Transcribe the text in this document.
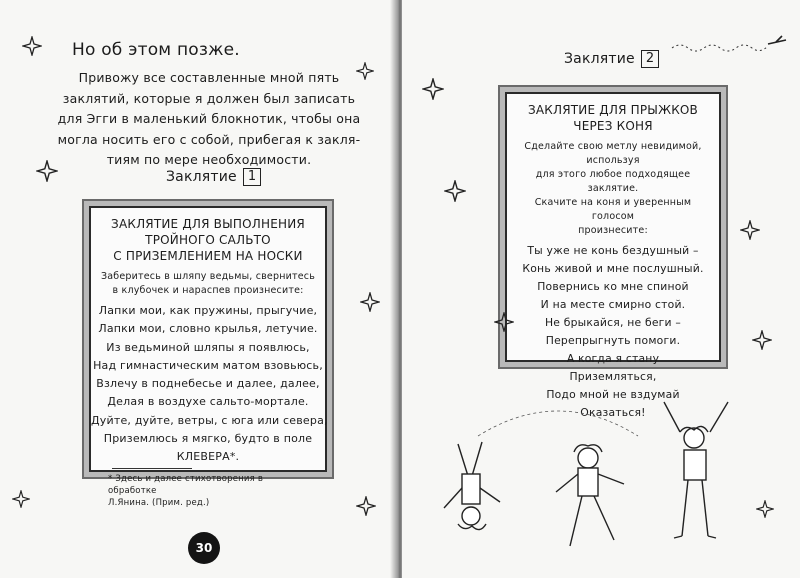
Но об этом позже.
Привожу все составленные мной пять
заклятий, которые я должен был записать
для Эгги в маленький блокнотик, чтобы она
могла носить его с собой, прибегая к закля-
тиям по мере необходимости.
Заклятие 1
ЗАКЛЯТИЕ ДЛЯ ВЫПОЛНЕНИЯ
ТРОЙНОГО САЛЬТО
С ПРИЗЕМЛЕНИЕМ НА НОСКИ
Заберитесь в шляпу ведьмы, свернитесь
в клубочек и нараспев произнесите:
Лапки мои, как пружины, прыгучие,
Лапки мои, словно крылья, летучие.
Из ведьминой шляпы я появлюсь,
Над гимнастическим матом взовьюсь,
Взлечу в поднебесье и далее, далее,
Делая в воздухе сальто-мортале.
Дуйте, дуйте, ветры, с юга или севера,
Приземлюсь я мягко, будто в поле
КЛЕВЕРА*.
* Здесь и далее стихотворения в обработке
Л.Янина. (Прим. ред.)
30
Заклятие 2
ЗАКЛЯТИЕ ДЛЯ ПРЫЖКОВ
ЧЕРЕЗ КОНЯ
Сделайте свою метлу невидимой, используя
для этого любое подходящее заклятие.
Скачите на коня и уверенным голосом
произнесите:
Ты уже не конь бездушный –
Конь живой и мне послушный.
Повернись ко мне спиной
И на месте смирно стой.
Не брыкайся, не беги –
Перепрыгнуть помоги.
А когда я стану
Приземляться,
Подо мной не вздумай
Оказаться!
